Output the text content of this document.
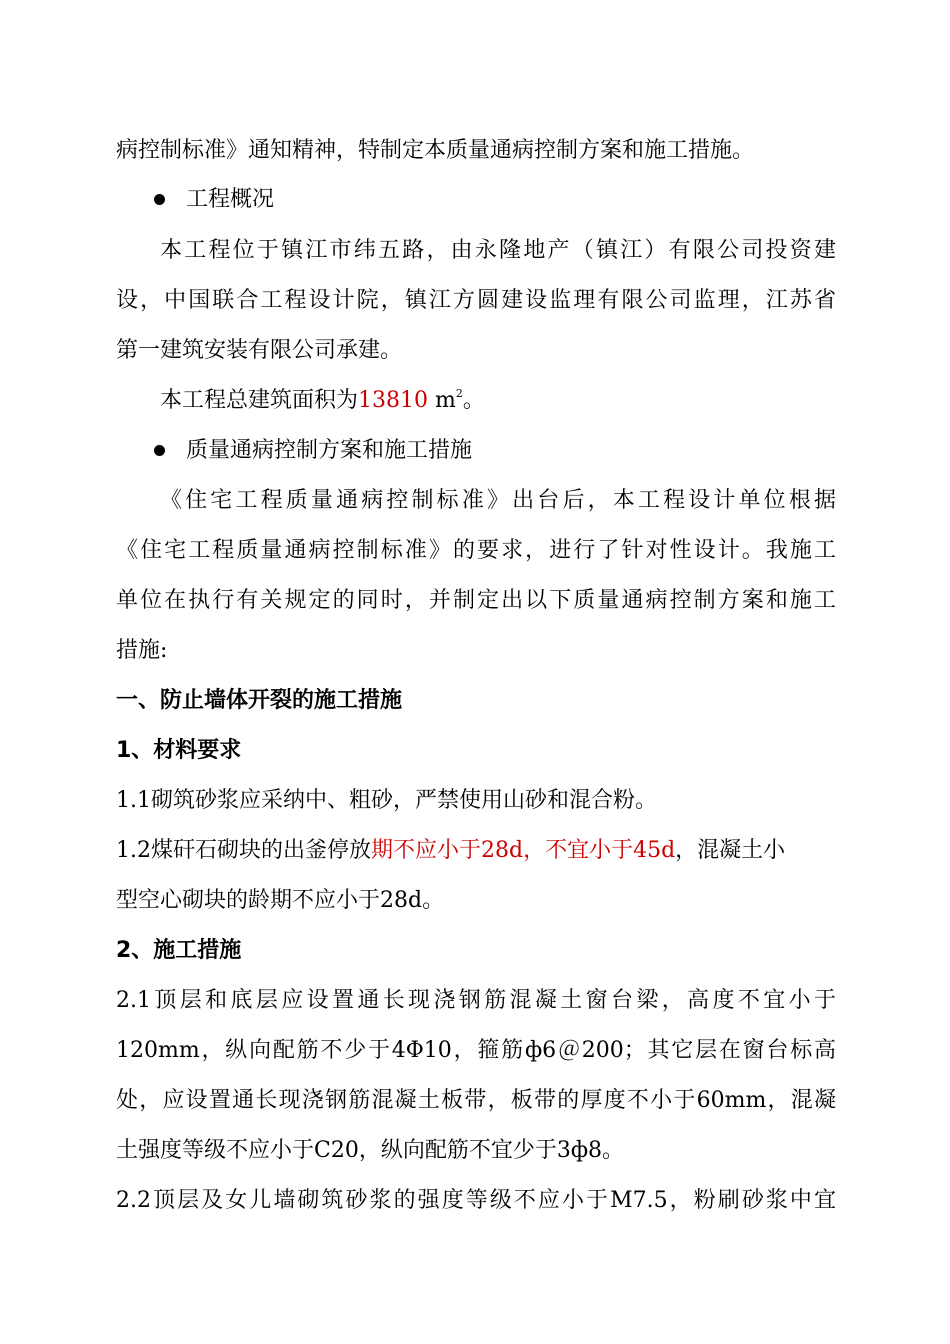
病控制标准》通知精神，特制定本质量通病控制方案和施工措施。
工程概况
本工程位于镇江市纬五路，由永隆地产（镇江）有限公司投资建
设，中国联合工程设计院，镇江方圆建设监理有限公司监理，江苏省
第一建筑安装有限公司承建。
本工程总建筑面积为13810 $m^2$。
质量通病控制方案和施工措施
《住宅工程质量通病控制标准》出台后，本工程设计单位根据
《住宅工程质量通病控制标准》的要求，进行了针对性设计。我施工
单位在执行有关规定的同时，并制定出以下质量通病控制方案和施工
措施:
一、防止墙体开裂的施工措施
1、材料要求
1.1砌筑砂浆应采纳中、粗砂，严禁使用山砂和混合粉。
1.2煤矸石砌块的出釜停放期不应小于28d，不宜小于45d，混凝土小
型空心砌块的龄期不应小于28d。
2、施工措施
2.1顶层和底层应设置通长现浇钢筋混凝土窗台梁，高度不宜小于
120mm，纵向配筋不少于4Φ10，箍筋ф6＠200；其它层在窗台标高
处，应设置通长现浇钢筋混凝土板带，板带的厚度不小于60mm，混凝
土强度等级不应小于C20，纵向配筋不宜少于3ф8。
2.2顶层及女儿墙砌筑砂浆的强度等级不应小于M7.5，粉刷砂浆中宜
